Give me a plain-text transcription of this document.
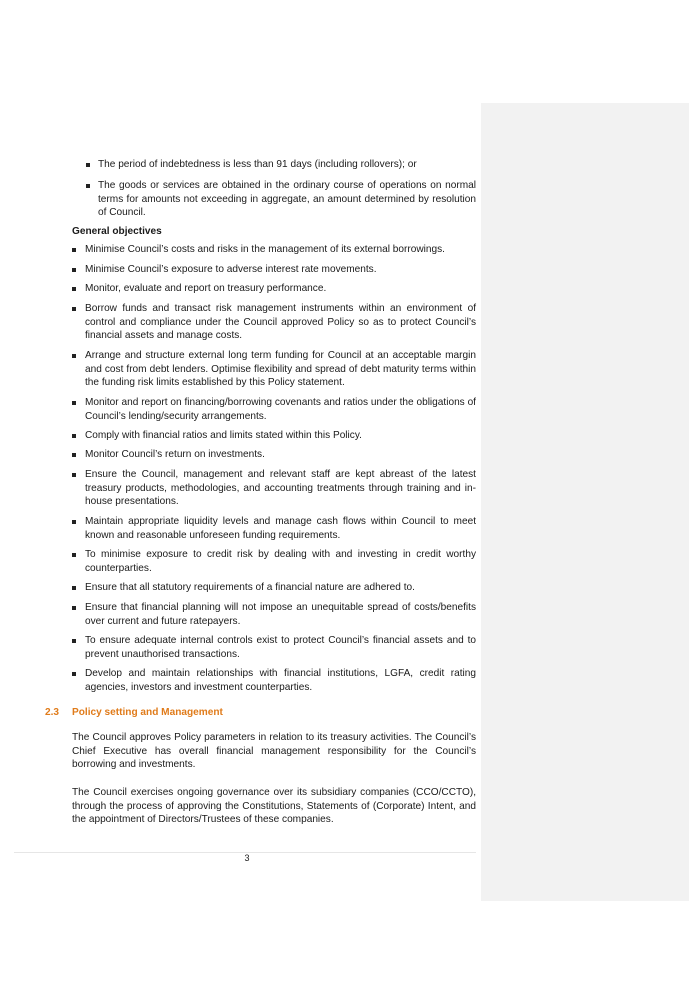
The period of indebtedness is less than 91 days (including rollovers); or
The goods or services are obtained in the ordinary course of operations on normal terms for amounts not exceeding in aggregate, an amount determined by resolution of Council.
General objectives
Minimise Council’s costs and risks in the management of its external borrowings.
Minimise Council’s exposure to adverse interest rate movements.
Monitor, evaluate and report on treasury performance.
Borrow funds and transact risk management instruments within an environment of control and compliance under the Council approved Policy so as to protect Council’s financial assets and manage costs.
Arrange and structure external long term funding for Council at an acceptable margin and cost from debt lenders. Optimise flexibility and spread of debt maturity terms within the funding risk limits established by this Policy statement.
Monitor and report on financing/borrowing covenants and ratios under the obligations of Council’s lending/security arrangements.
Comply with financial ratios and limits stated within this Policy.
Monitor Council’s return on investments.
Ensure the Council, management and relevant staff are kept abreast of the latest treasury products, methodologies, and accounting treatments through training and in-house presentations.
Maintain appropriate liquidity levels and manage cash flows within Council to meet known and reasonable unforeseen funding requirements.
To minimise exposure to credit risk by dealing with and investing in credit worthy counterparties.
Ensure that all statutory requirements of a financial nature are adhered to.
Ensure that financial planning will not impose an unequitable spread of costs/benefits over current and future ratepayers.
To ensure adequate internal controls exist to protect Council’s financial assets and to prevent unauthorised transactions.
Develop and maintain relationships with financial institutions, LGFA, credit rating agencies, investors and investment counterparties.
2.3 Policy setting and Management
The Council approves Policy parameters in relation to its treasury activities. The Council’s Chief Executive has overall financial management responsibility for the Council’s borrowing and investments.
The Council exercises ongoing governance over its subsidiary companies (CCO/CCTO), through the process of approving the Constitutions, Statements of (Corporate) Intent, and the appointment of Directors/Trustees of these companies.
3
